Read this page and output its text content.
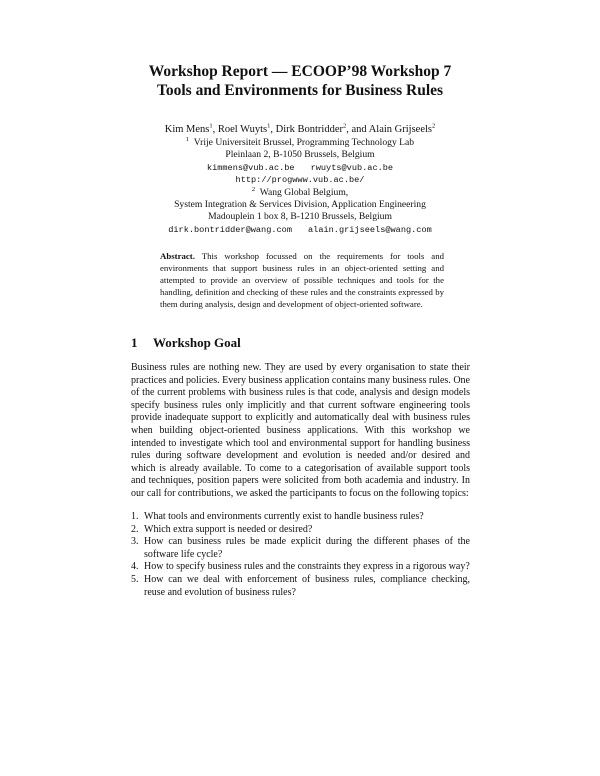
Workshop Report — ECOOP’98 Workshop 7
Tools and Environments for Business Rules
Kim Mens$^1$, Roel Wuyts$^1$, Dirk Bontridder$^2$, and Alain Grijseels$^2$
$^1$ Vrije Universiteit Brussel, Programming Technology Lab
Pleinlaan 2, B-1050 Brussels, Belgium
kimmens@vub.ac.be rwuyts@vub.ac.be
http://progwww.vub.ac.be/
$^2$ Wang Global Belgium,
System Integration & Services Division, Application Engineering
Madouplein 1 box 8, B-1210 Brussels, Belgium
dirk.bontridder@wang.com alain.grijseels@wang.com
Abstract. This workshop focussed on the requirements for tools and environments that support business rules in an object-oriented setting and attempted to provide an overview of possible techniques and tools for the handling, definition and checking of these rules and the constraints expressed by them during analysis, design and development of object-oriented software.
1 Workshop Goal
Business rules are nothing new. They are used by every organisation to state their practices and policies. Every business application contains many business rules. One of the current problems with business rules is that code, analysis and design models specify business rules only implicitly and that current software engineering tools provide inadequate support to explicitly and automatically deal with business rules when building object-oriented business applications. With this workshop we intended to investigate which tool and environmental support for handling business rules during software development and evolution is needed and/or desired and which is already available. To come to a categorisation of available support tools and techniques, position papers were solicited from both academia and industry. In our call for contributions, we asked the participants to focus on the following topics:
1. What tools and environments currently exist to handle business rules?
2. Which extra support is needed or desired?
3. How can business rules be made explicit during the different phases of the software life cycle?
4. How to specify business rules and the constraints they express in a rigorous way?
5. How can we deal with enforcement of business rules, compliance checking, reuse and evolution of business rules?
